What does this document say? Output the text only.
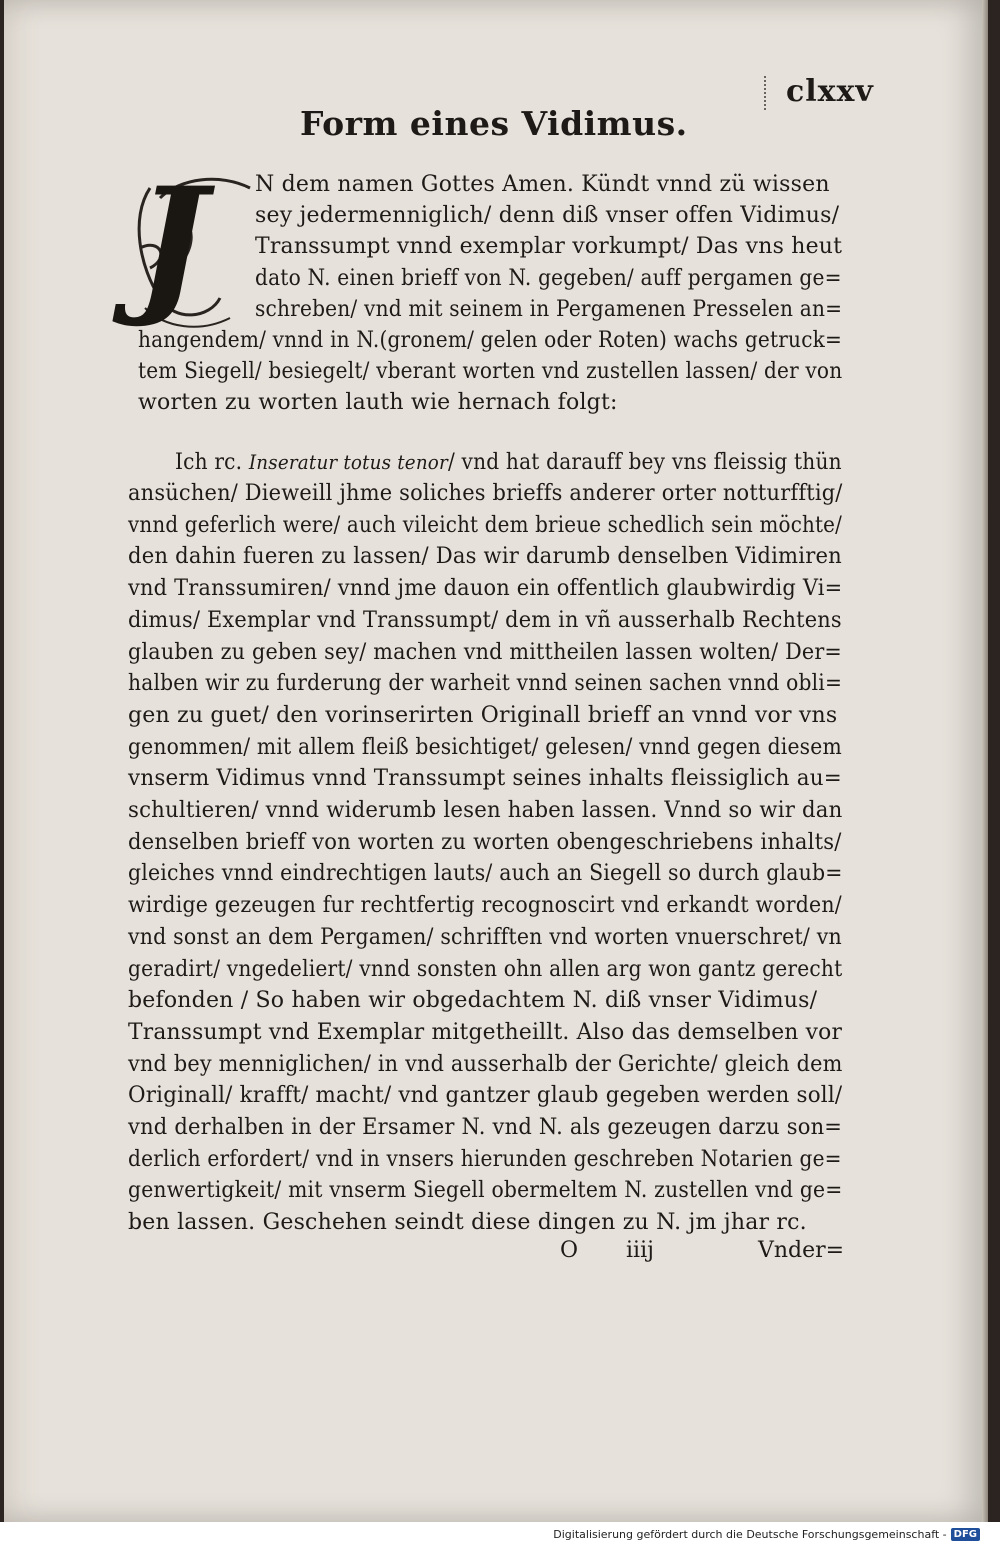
clxxv
Form eines Vidimus.
J	N dem namen Gottes Amen. Kündt vnnd zü wissen
sey jedermenniglich/ denn diß vnser offen Vidimus/
Transsumpt vnnd exemplar vorkumpt/ Das vns heut
dato N. einen brieff von N. gegeben/ auff pergamen ge=
schreben/ vnd mit seinem in Pergamenen Presselen an=
hangendem/ vnnd in N.(gronem/ gelen oder Roten) wachs getruck=
tem Siegell/ besiegelt/ vberant worten vnd zustellen lassen/ der von
worten zu worten lauth wie hernach folgt:
Ich rc. Inseratur totus tenor/ vnd hat darauff bey vns fleissig thün
ansüchen/ Dieweill jhme soliches brieffs anderer orter notturfftig/
vnnd geferlich were/ auch vileicht dem brieue schedlich sein möchte/
den dahin fueren zu lassen/ Das wir darumb denselben Vidimiren
vnd Transsumiren/ vnnd jme dauon ein offentlich glaubwirdig Vi=
dimus/ Exemplar vnd Transsumpt/ dem in vñ ausserhalb Rechtens
glauben zu geben sey/ machen vnd mittheilen lassen wolten/ Der=
halben wir zu furderung der warheit vnnd seinen sachen vnnd obli=
gen zu guet/ den vorinserirten Originall brieff an vnnd vor vns
genommen/ mit allem fleiß besichtiget/ gelesen/ vnnd gegen diesem
vnserm Vidimus vnnd Transsumpt seines inhalts fleissiglich au=
schultieren/ vnnd widerumb lesen haben lassen. Vnnd so wir dan
denselben brieff von worten zu worten obengeschriebens inhalts/
gleiches vnnd eindrechtigen lauts/ auch an Siegell so durch glaub=
wirdige gezeugen fur rechtfertig recognoscirt vnd erkandt worden/
vnd sonst an dem Pergamen/ schrifften vnd worten vnuerschret/ vn
geradirt/ vngedeliert/ vnnd sonsten ohn allen arg won gantz gerecht
befonden / So haben wir obgedachtem N. diß vnser Vidimus/
Transsumpt vnd Exemplar mitgetheillt. Also das demselben vor
vnd bey menniglichen/ in vnd ausserhalb der Gerichte/ gleich dem
Originall/ krafft/ macht/ vnd gantzer glaub gegeben werden soll/
vnd derhalben in der Ersamer N. vnd N. als gezeugen darzu son=
derlich erfordert/ vnd in vnsers hierunden geschreben Notarien ge=
genwertigkeit/ mit vnserm Siegell obermeltem N. zustellen vnd ge=
ben lassen. Geschehen seindt diese dingen zu N. jm jhar rc.
O iiij	Vnder=
Digitalisierung gefördert durch die Deutsche Forschungsgemeinschaft - DFG
